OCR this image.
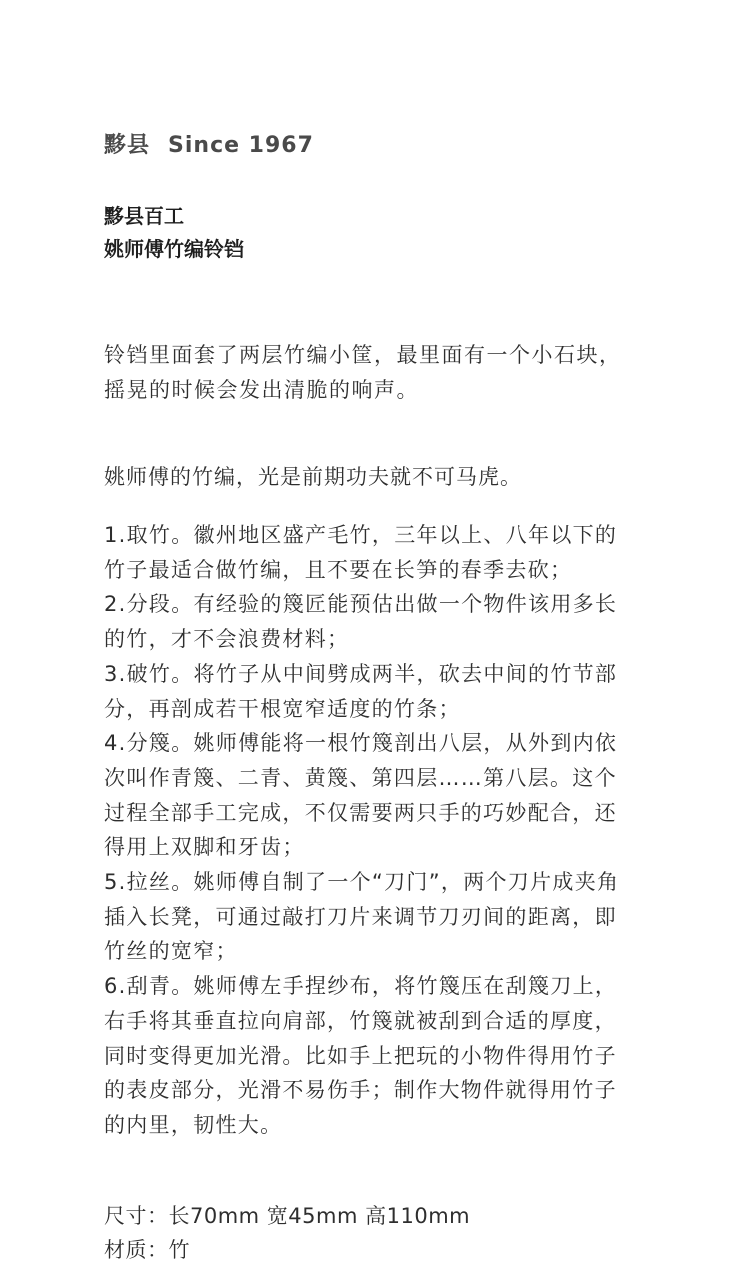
黟县 Since 1967
黟县百工
姚师傅竹编铃铛
铃铛里面套了两层竹编小筐，最里面有一个小石块，摇晃的时候会发出清脆的响声。
姚师傅的竹编，光是前期功夫就不可马虎。

1.取竹。徽州地区盛产毛竹，三年以上、八年以下的竹子最适合做竹编，且不要在长笋的春季去砍；

2.分段。有经验的篾匠能预估出做一个物件该用多长的竹，才不会浪费材料；

3.破竹。将竹子从中间劈成两半，砍去中间的竹节部分，再剖成若干根宽窄适度的竹条；

4.分篾。姚师傅能将一根竹篾剖出八层，从外到内依次叫作青篾、二青、黄篾、第四层……第八层。这个过程全部手工完成，不仅需要两只手的巧妙配合，还得用上双脚和牙齿；

5.拉丝。姚师傅自制了一个“刀门”，两个刀片成夹角插入长凳，可通过敲打刀片来调节刀刃间的距离，即竹丝的宽窄；

6.刮青。姚师傅左手捏纱布，将竹篾压在刮篾刀上，右手将其垂直拉向肩部，竹篾就被刮到合适的厚度，同时变得更加光滑。比如手上把玩的小物件得用竹子的表皮部分，光滑不易伤手；制作大物件就得用竹子的内里，韧性大。

尺寸：长70mm 宽45mm 高110mm
材质：竹
